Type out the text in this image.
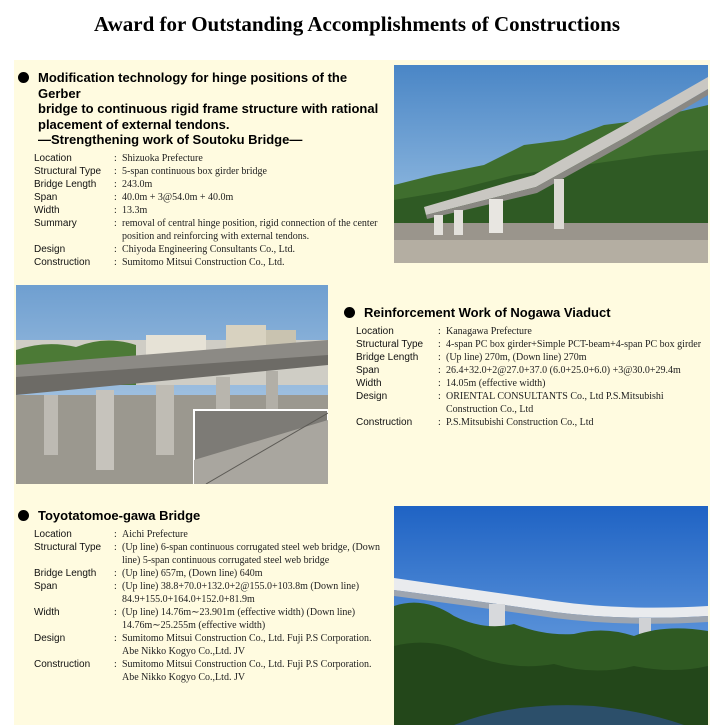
Award for Outstanding Accomplishments of Constructions
Modification technology for hinge positions of the Gerber
bridge to continuous rigid frame structure with rational
placement of external tendons.
—Strengthening work of Soutoku Bridge—
Location	: Shizuoka Prefecture
Structural Type	: 5-span continuous box girder bridge
Bridge Length	: 243.0m
Span	: 40.0m + 3@54.0m + 40.0m
Width	: 13.3m
Summary		: removal of central hinge position, rigid connection of the center position and reinforcing with external tendons.

Design	: Chiyoda Engineering Consultants Co., Ltd.
Construction	: Sumitomo Mitsui Construction Co., Ltd.
Reinforcement Work of Nogawa Viaduct
Location	: Kanagawa Prefecture
Structural Type	: 4-span PC box girder+Simple PCT-beam+4-span PC box girder

Bridge Length	: (Up line) 270m, (Down line) 270m
Span	: 26.4+32.0+2@27.0+37.0 (6.0+25.0+6.0) +3@30.0+29.4m
Width	: 14.05m (effective width)
Design		: ORIENTAL CONSULTANTS Co., Ltd P.S.Mitsubishi Construction Co., Ltd

Construction	: P.S.Mitsubishi Construction Co., Ltd
Toyotatomoe-gawa Bridge
Location	: Aichi Prefecture
Structural Type	: (Up line) 6-span continuous corrugated steel web bridge, (Down line) 5-span continuous corrugated steel web bridge

Bridge Length	: (Up line) 657m, (Down line) 640m
Span		: (Up line) 38.8+70.0+132.0+2@155.0+103.8m (Down line) 84.9+155.0+164.0+152.0+81.9m

Width		: (Up line) 14.76m∼23.901m (effective width) (Down line) 14.76m∼25.255m (effective width)

Design		: Sumitomo Mitsui Construction Co., Ltd. Fuji P.S Corporation. Abe Nikko Kogyo Co.,Ltd. JV

Construction	: Sumitomo Mitsui Construction Co., Ltd. Fuji P.S Corporation. Abe Nikko Kogyo Co.,Ltd. JV
